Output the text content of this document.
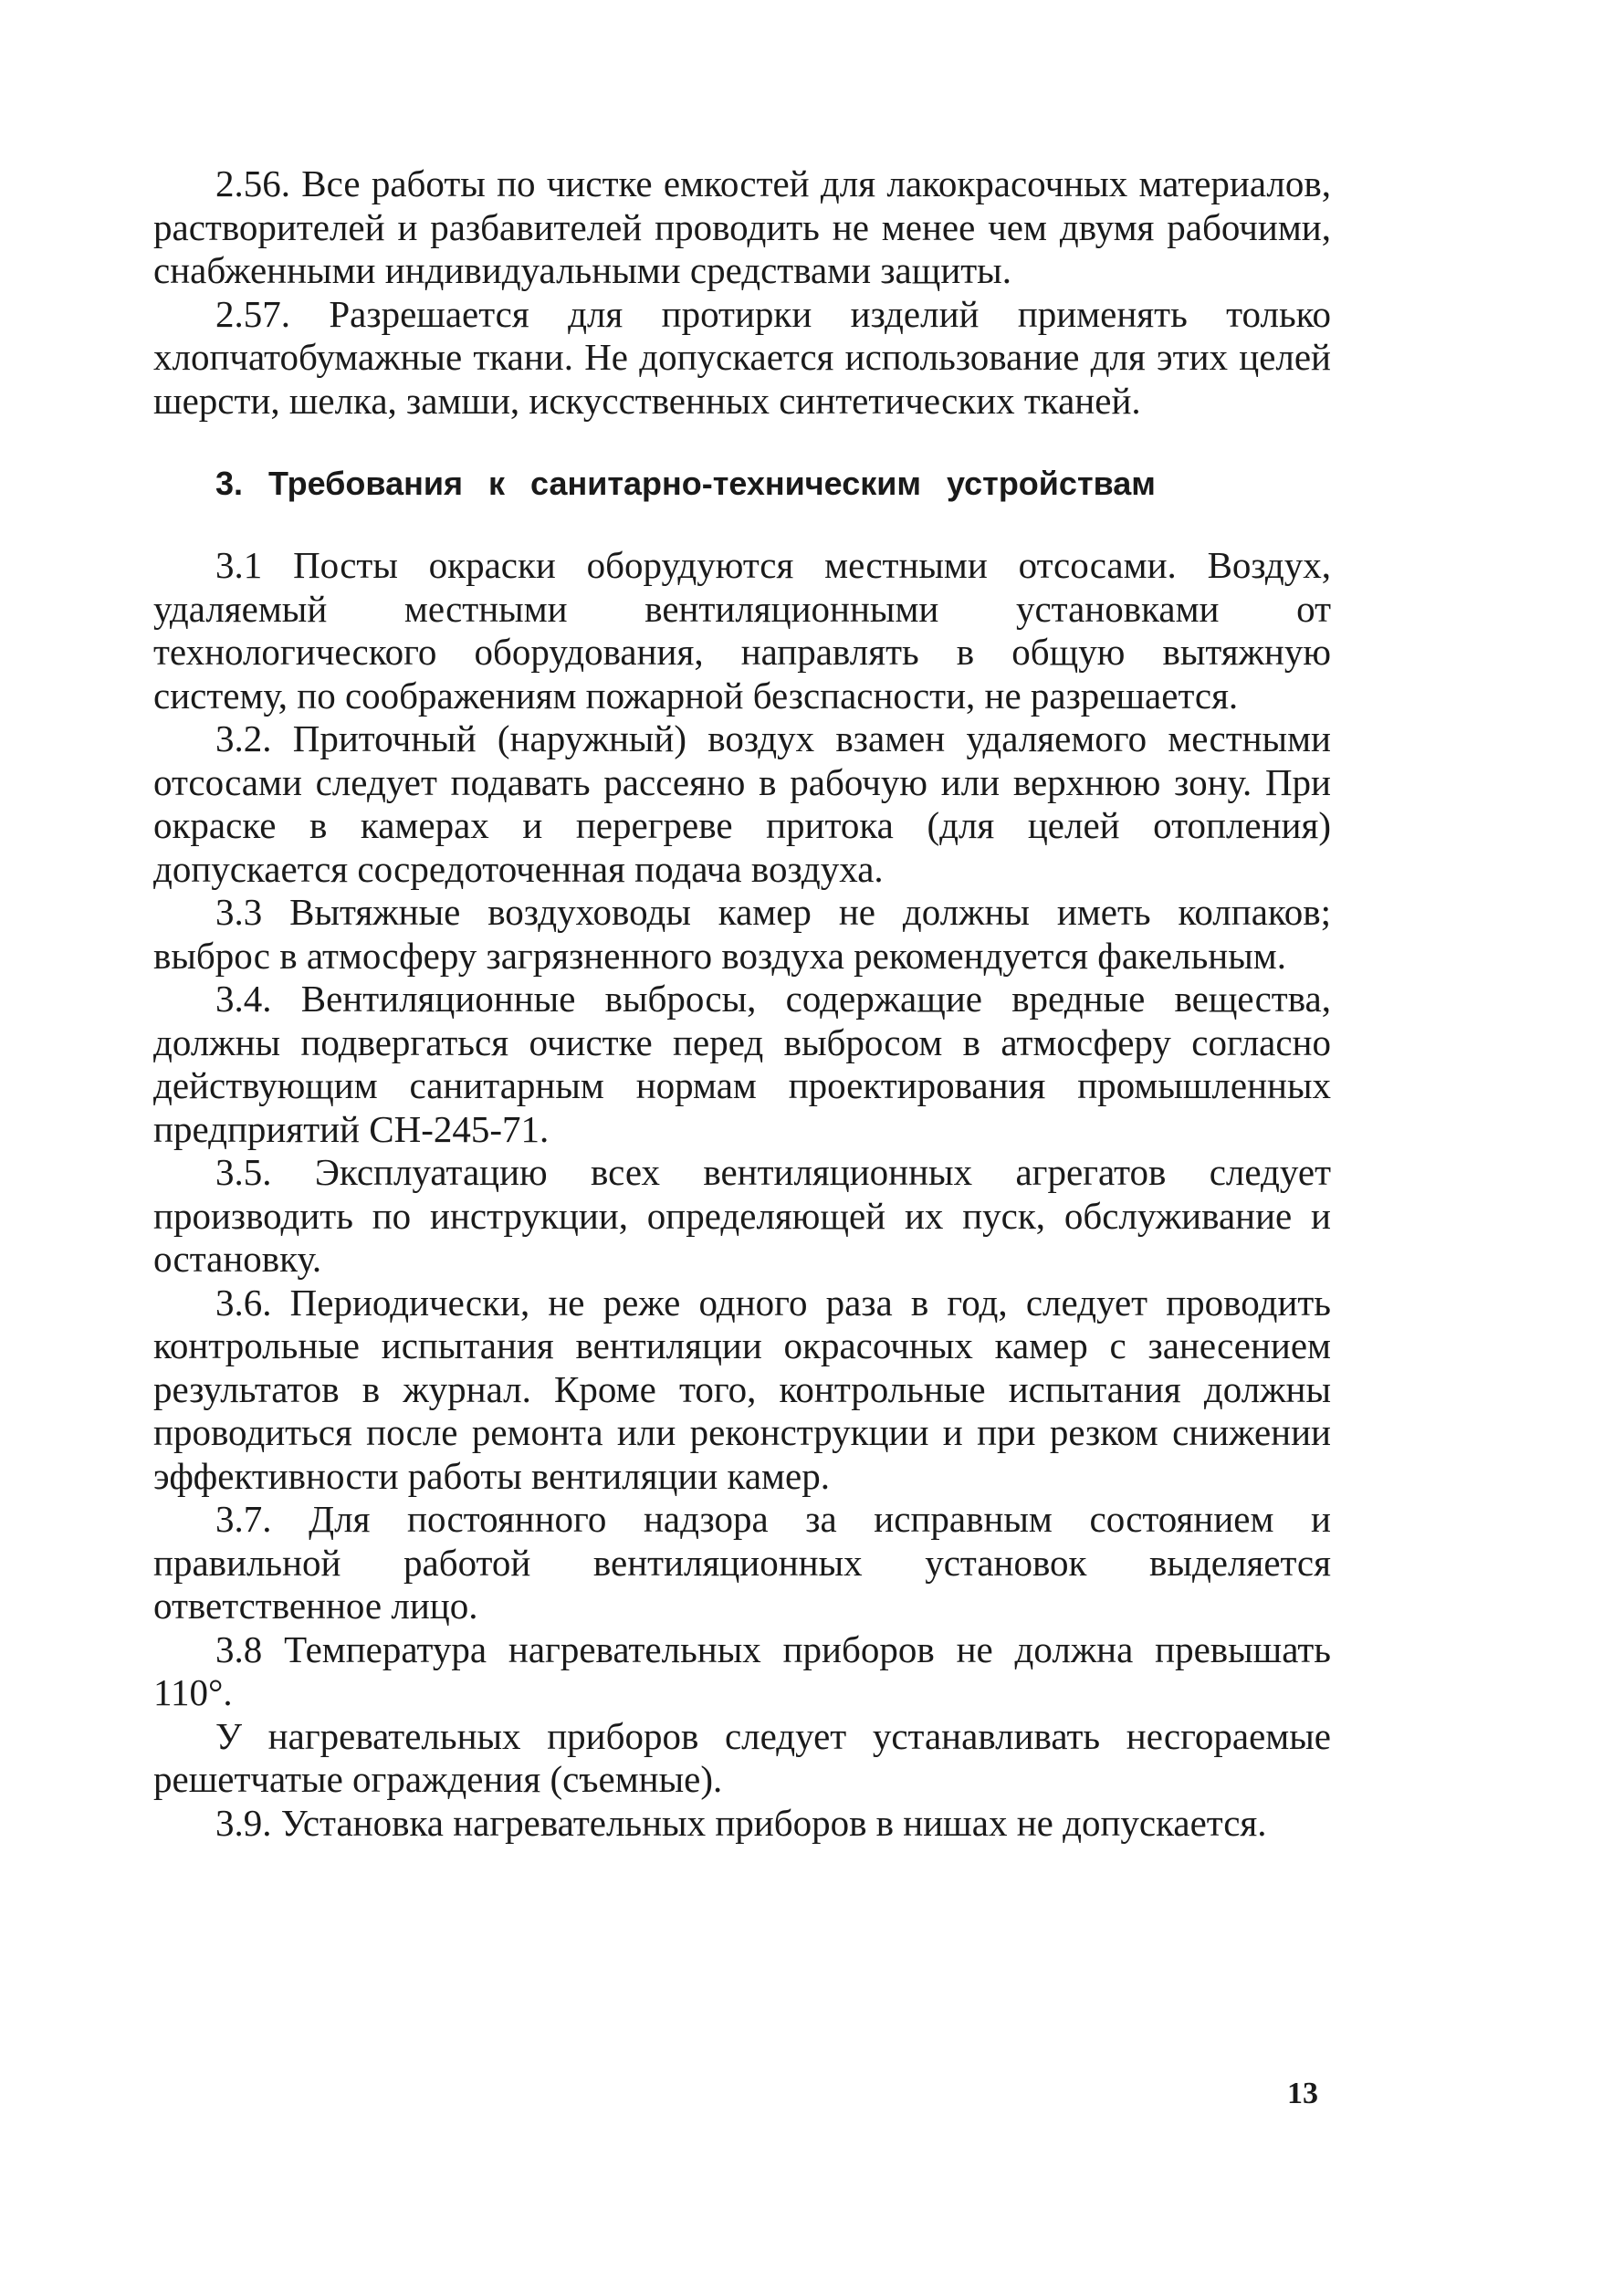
2.56. Все работы по чистке емкостей для лакокрасочных материалов, растворителей и разбавителей проводить не менее чем двумя рабочими, снабженными индивидуальными средствами защиты.

2.57. Разрешается для протирки изделий применять только хлопчатобумажные ткани. Не допускается использование для этих целей шерсти, шелка, замши, искусственных синтетических тканей.

3. Требования к санитарно-техническим устройствам

3.1 Посты окраски оборудуются местными отсосами. Воздух, удаляемый местными вентиляционными установками от технологического оборудования, направлять в общую вытяжную систему, по соображениям пожарной безспасности, не разрешается.

3.2. Приточный (наружный) воздух взамен удаляемого местными отсосами следует подавать рассеяно в рабочую или верхнюю зону. При окраске в камерах и перегреве притока (для целей отопления) допускается сосредоточенная подача воздуха.

3.3 Вытяжные воздуховоды камер не должны иметь колпаков; выброс в атмосферу загрязненного воздуха рекомендуется факельным.

3.4. Вентиляционные выбросы, содержащие вредные вещества, должны подвергаться очистке перед выбросом в атмосферу согласно действующим санитарным нормам проектирования промышленных предприятий СН-245-71.

3.5. Эксплуатацию всех вентиляционных агрегатов следует производить по инструкции, определяющей их пуск, обслуживание и остановку.

3.6. Периодически, не реже одного раза в год, следует проводить контрольные испытания вентиляции окрасочных камер с занесением результатов в журнал. Кроме того, контрольные испытания должны проводиться после ремонта или реконструкции и при резком снижении эффективности работы вентиляции камер.

3.7. Для постоянного надзора за исправным состоянием и правильной работой вентиляционных установок выделяется ответственное лицо.

3.8 Температура нагревательных приборов не должна превышать 110°.

У нагревательных приборов следует устанавливать несгораемые решетчатые ограждения (съемные).

3.9. Установка нагревательных приборов в нишах не допускается.

13
